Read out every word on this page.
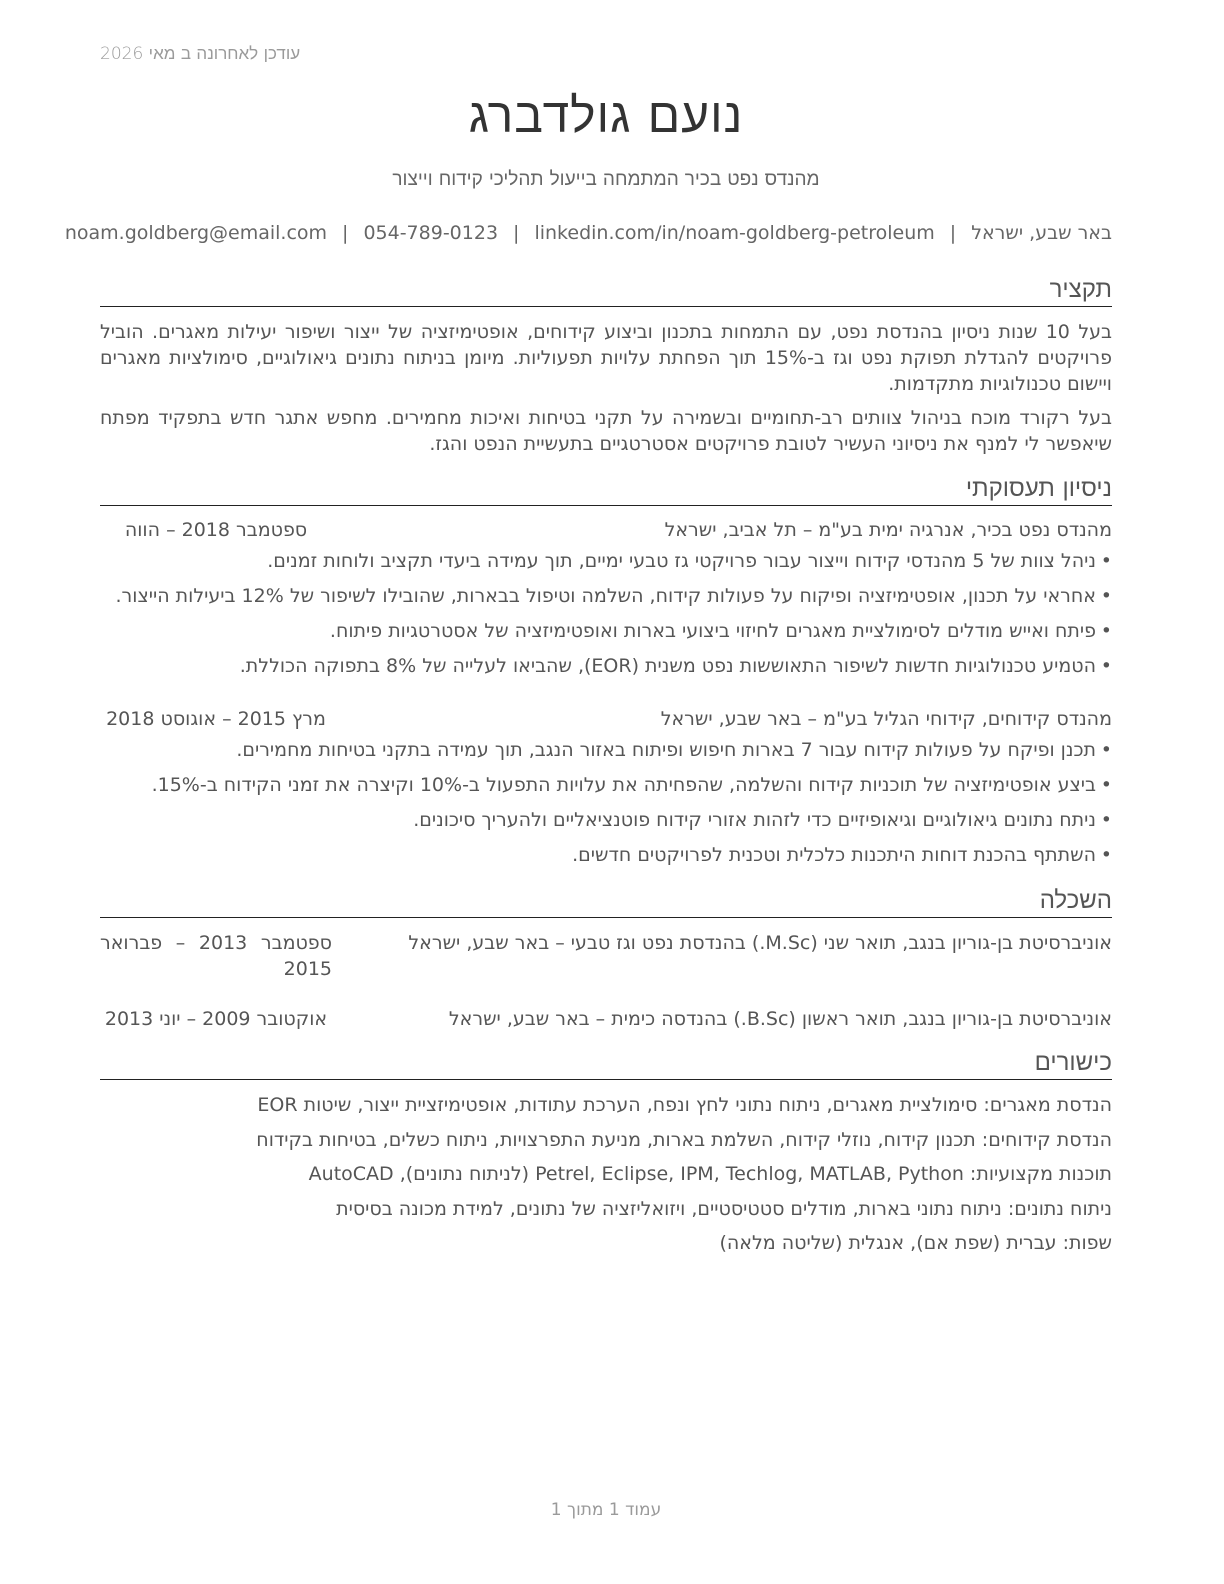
עודכן לאחרונה ב מאי 2026
נועם גולדברג
מהנדס נפט בכיר המתמחה בייעול תהליכי קידוח וייצור
באר שבע, ישראל|noam.goldberg@email.com | 054-789-0123 | linkedin.com/in/noam-goldberg-petroleum
תקציר
בעל 10 שנות ניסיון בהנדסת נפט, עם התמחות בתכנון וביצוע קידוחים, אופטימיזציה של ייצור ושיפור יעילות מאגרים. הוביל פרויקטים להגדלת תפוקת נפט וגז ב-15% תוך הפחתת עלויות תפעוליות. מיומן בניתוח נתונים גיאולוגיים, סימולציות מאגרים ויישום טכנולוגיות מתקדמות.
בעל רקורד מוכח בניהול צוותים רב-תחומיים ובשמירה על תקני בטיחות ואיכות מחמירים. מחפש אתגר חדש בתפקיד מפתח שיאפשר לי למנף את ניסיוני העשיר לטובת פרויקטים אסטרטגיים בתעשיית הנפט והגז.
ניסיון תעסוקתי
מהנדס נפט בכיר, אנרגיה ימית בע"מ – תל אביב, ישראל
ספטמבר 2018 – הווה
• ניהל צוות של 5 מהנדסי קידוח וייצור עבור פרויקטי גז טבעי ימיים, תוך עמידה ביעדי תקציב ולוחות זמנים.
• אחראי על תכנון, אופטימיזציה ופיקוח על פעולות קידוח, השלמה וטיפול בבארות, שהובילו לשיפור של 12% ביעילות הייצור.
• פיתח ואייש מודלים לסימולציית מאגרים לחיזוי ביצועי בארות ואופטימיזציה של אסטרטגיות פיתוח.
• הטמיע טכנולוגיות חדשות לשיפור התאוששות נפט משנית (EOR), שהביאו לעלייה של 8% בתפוקה הכוללת.
מהנדס קידוחים, קידוחי הגליל בע"מ – באר שבע, ישראל
מרץ 2015 – אוגוסט 2018
• תכנן ופיקח על פעולות קידוח עבור 7 בארות חיפוש ופיתוח באזור הנגב, תוך עמידה בתקני בטיחות מחמירים.
• ביצע אופטימיזציה של תוכניות קידוח והשלמה, שהפחיתה את עלויות התפעול ב-10% וקיצרה את זמני הקידוח ב-15%.
• ניתח נתונים גיאולוגיים וגיאופיזיים כדי לזהות אזורי קידוח פוטנציאליים ולהעריך סיכונים.
• השתתף בהכנת דוחות היתכנות כלכלית וטכנית לפרויקטים חדשים.
השכלה
אוניברסיטת בן-גוריון בנגב, תואר שני (M.Sc.) בהנדסת נפט וגז טבעי – באר שבע, ישראל
ספטמבר 2013 – פברואר
2015
אוניברסיטת בן-גוריון בנגב, תואר ראשון (B.Sc.) בהנדסה כימית – באר שבע, ישראל
אוקטובר 2009 – יוני 2013
כישורים
הנדסת מאגרים: סימולציית מאגרים, ניתוח נתוני לחץ ונפח, הערכת עתודות, אופטימיזציית ייצור, שיטות EOR
הנדסת קידוחים: תכנון קידוח, נוזלי קידוח, השלמת בארות, מניעת התפרצויות, ניתוח כשלים, בטיחות בקידוח
תוכנות מקצועיות: Petrel, Eclipse, IPM, Techlog, MATLAB, Python (לניתוח נתונים), AutoCAD
ניתוח נתונים: ניתוח נתוני בארות, מודלים סטטיסטיים, ויזואליזציה של נתונים, למידת מכונה בסיסית
שפות: עברית (שפת אם), אנגלית (שליטה מלאה)
עמוד 1 מתוך 1
